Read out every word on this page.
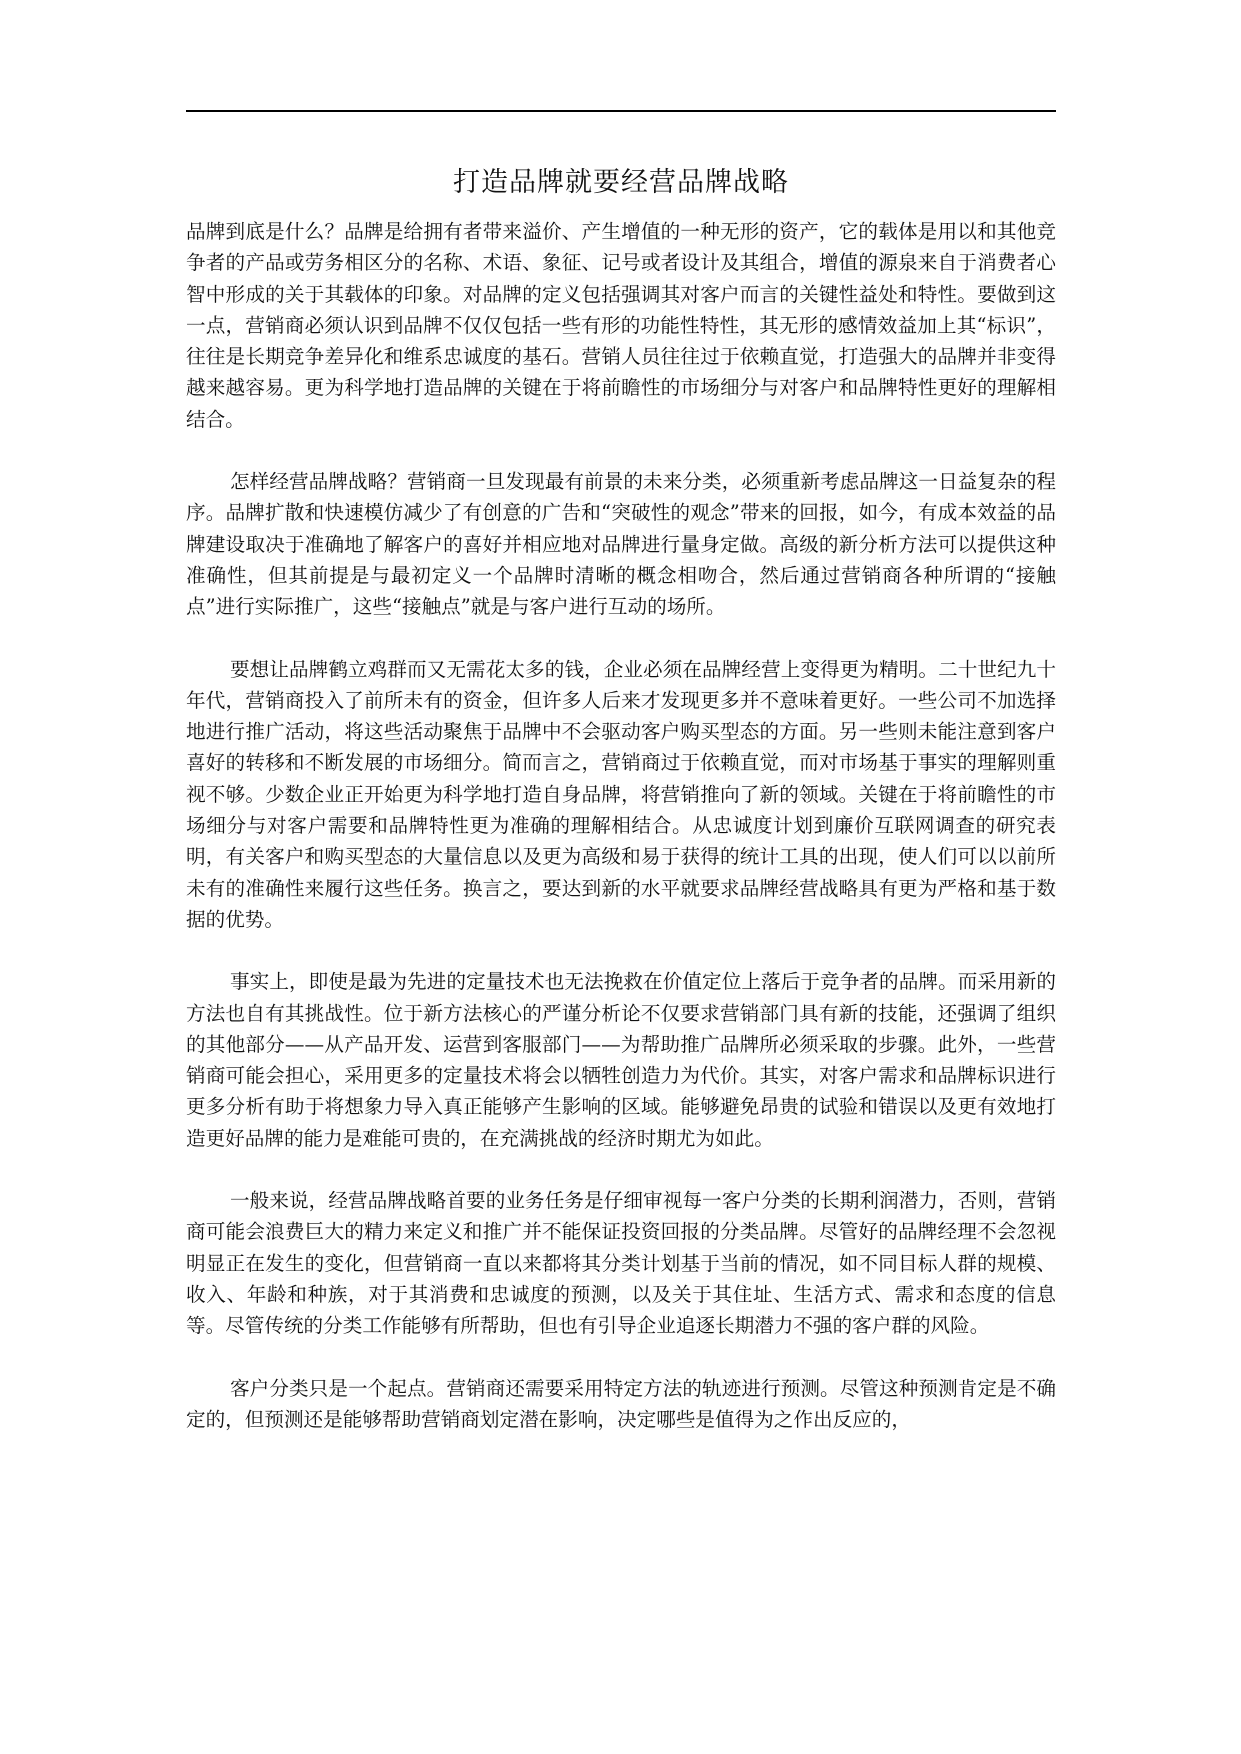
打造品牌就要经营品牌战略

品牌到底是什么？品牌是给拥有者带来溢价、产生增值的一种无形的资产，它的载体是用以和其他竞争者的产品或劳务相区分的名称、术语、象征、记号或者设计及其组合，增值的源泉来自于消费者心智中形成的关于其载体的印象。对品牌的定义包括强调其对客户而言的关键性益处和特性。要做到这一点，营销商必须认识到品牌不仅仅包括一些有形的功能性特性，其无形的感情效益加上其“标识”，往往是长期竞争差异化和维系忠诚度的基石。营销人员往往过于依赖直觉，打造强大的品牌并非变得越来越容易。更为科学地打造品牌的关键在于将前瞻性的市场细分与对客户和品牌特性更好的理解相结合。

怎样经营品牌战略？营销商一旦发现最有前景的未来分类，必须重新考虑品牌这一日益复杂的程序。品牌扩散和快速模仿减少了有创意的广告和“突破性的观念”带来的回报，如今，有成本效益的品牌建设取决于准确地了解客户的喜好并相应地对品牌进行量身定做。高级的新分析方法可以提供这种准确性，但其前提是与最初定义一个品牌时清晰的概念相吻合，然后通过营销商各种所谓的“接触点”进行实际推广，这些“接触点”就是与客户进行互动的场所。

要想让品牌鹤立鸡群而又无需花太多的钱，企业必须在品牌经营上变得更为精明。二十世纪九十年代，营销商投入了前所未有的资金，但许多人后来才发现更多并不意味着更好。一些公司不加选择地进行推广活动，将这些活动聚焦于品牌中不会驱动客户购买型态的方面。另一些则未能注意到客户喜好的转移和不断发展的市场细分。简而言之，营销商过于依赖直觉，而对市场基于事实的理解则重视不够。少数企业正开始更为科学地打造自身品牌，将营销推向了新的领域。关键在于将前瞻性的市场细分与对客户需要和品牌特性更为准确的理解相结合。从忠诚度计划到廉价互联网调查的研究表明，有关客户和购买型态的大量信息以及更为高级和易于获得的统计工具的出现，使人们可以以前所未有的准确性来履行这些任务。换言之，要达到新的水平就要求品牌经营战略具有更为严格和基于数据的优势。

事实上，即使是最为先进的定量技术也无法挽救在价值定位上落后于竞争者的品牌。而采用新的方法也自有其挑战性。位于新方法核心的严谨分析论不仅要求营销部门具有新的技能，还强调了组织的其他部分——从产品开发、运营到客服部门——为帮助推广品牌所必须采取的步骤。此外，一些营销商可能会担心，采用更多的定量技术将会以牺牲创造力为代价。其实，对客户需求和品牌标识进行更多分析有助于将想象力导入真正能够产生影响的区域。能够避免昂贵的试验和错误以及更有效地打造更好品牌的能力是难能可贵的，在充满挑战的经济时期尤为如此。

一般来说，经营品牌战略首要的业务任务是仔细审视每一客户分类的长期利润潜力，否则，营销商可能会浪费巨大的精力来定义和推广并不能保证投资回报的分类品牌。尽管好的品牌经理不会忽视明显正在发生的变化，但营销商一直以来都将其分类计划基于当前的情况，如不同目标人群的规模、收入、年龄和种族，对于其消费和忠诚度的预测，以及关于其住址、生活方式、需求和态度的信息等。尽管传统的分类工作能够有所帮助，但也有引导企业追逐长期潜力不强的客户群的风险。

客户分类只是一个起点。营销商还需要采用特定方法的轨迹进行预测。尽管这种预测肯定是不确定的，但预测还是能够帮助营销商划定潜在影响，决定哪些是值得为之作出反应的，
